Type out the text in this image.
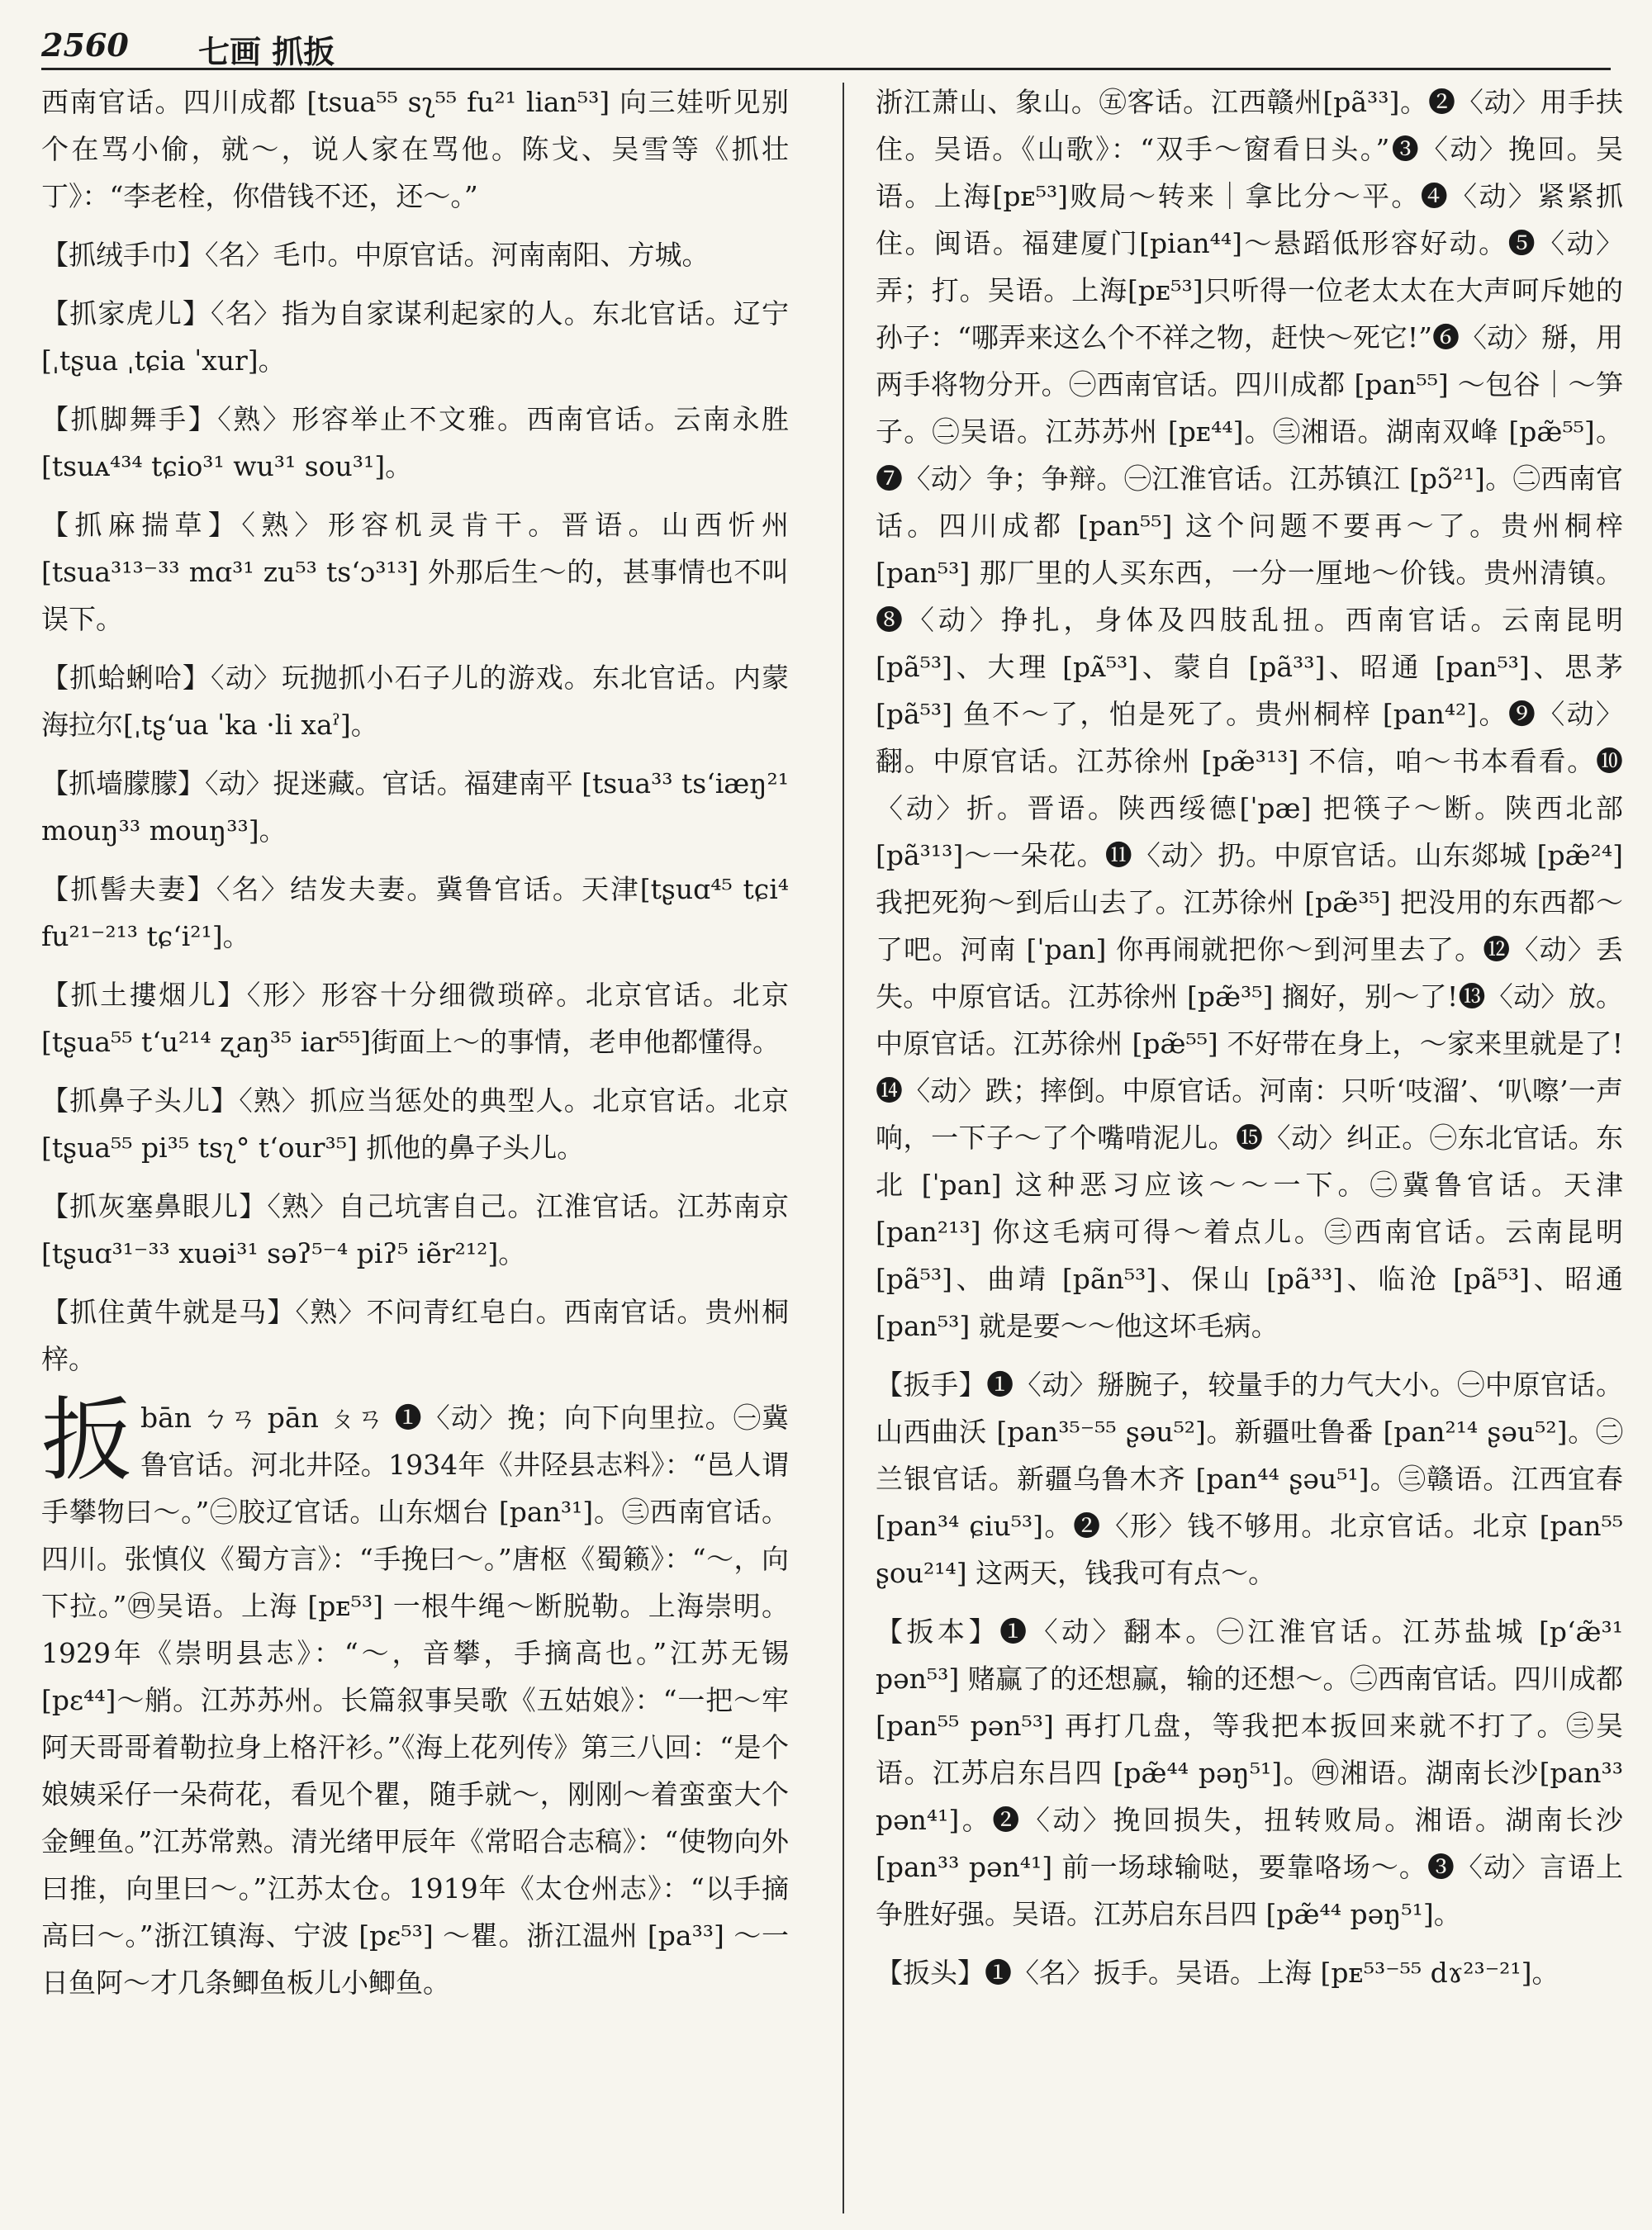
2560 七画 抓扳

西南官话。四川成都 [tsua⁵⁵ sʅ⁵⁵ fu²¹ lian⁵³] 向三娃听见别个在骂小偷，就～，说人家在骂他。陈戈、吴雪等《抓壮丁》：“李老栓，你借钱不还，还～。”

【抓绒手巾】〈名〉毛巾。中原官话。河南南阳、方城。

【抓家虎儿】〈名〉指为自家谋利起家的人。东北官话。辽宁 [ˌtʂua ˌtɕia ˈxur]。

【抓脚舞手】〈熟〉形容举止不文雅。西南官话。云南永胜 [tsuᴀ⁴³⁴ tɕio³¹ wu³¹ sou³¹]。

【抓麻揣草】〈熟〉形容机灵肯干。晋语。山西忻州 [tsua³¹³⁻³³ mɑ³¹ zu⁵³ tsʻɔ³¹³] 外那后生～的，甚事情也不叫误下。

【抓蛤蜊哈】〈动〉玩抛抓小石子儿的游戏。东北官话。内蒙海拉尔[ˌtʂʻua ˈka ·li xaˀ]。

【抓墙朦朦】〈动〉捉迷藏。官话。福建南平 [tsua³³ tsʻiæŋ²¹ mouŋ³³ mouŋ³³]。

【抓髻夫妻】〈名〉结发夫妻。冀鲁官话。天津[tʂuɑ⁴⁵ tɕi⁴ fu²¹⁻²¹³ tɕʻi²¹]。

【抓土摟烟儿】〈形〉形容十分细微琐碎。北京官话。北京 [tʂua⁵⁵ tʻu²¹⁴ ʐaŋ³⁵ iar⁵⁵]街面上～的事情，老申他都懂得。

【抓鼻子头儿】〈熟〉抓应当惩处的典型人。北京官话。北京 [tʂua⁵⁵ pi³⁵ tsʅ° tʻour³⁵] 抓他的鼻子头儿。

【抓灰塞鼻眼儿】〈熟〉自己坑害自己。江淮官话。江苏南京 [tʂuɑ³¹⁻³³ xuəi³¹ səʔ⁵⁻⁴ piʔ⁵ iẽr²¹²]。

【抓住黄牛就是马】〈熟〉不问青红皂白。西南官话。贵州桐梓。

扳 bān ㄅㄢ pān ㄆㄢ ❶〈动〉挽；向下向里拉。㊀冀鲁官话。河北井陉。1934年《井陉县志料》：“邑人谓手攀物曰～。”㊁胶辽官话。山东烟台 [pan³¹]。㊂西南官话。四川。张慎仪《蜀方言》：“手挽曰～。”唐枢《蜀籁》：“～，向下拉。”㊃吴语。上海 [pᴇ⁵³] 一根牛绳～断脱勒。上海崇明。1929年《崇明县志》：“～，音攀，手摘高也。”江苏无锡 [pɛ⁴⁴]～艄。江苏苏州。长篇叙事吴歌《五姑娘》：“一把～牢阿天哥哥着勒拉身上格汗衫。”《海上花列传》第三八回：“是个娘姨采仔一朵荷花，看见个瞿，随手就～，刚刚～着蛮蛮大个金鲤鱼。”江苏常熟。清光绪甲辰年《常昭合志稿》：“使物向外曰推，向里曰～。”江苏太仓。1919年《太仓州志》：“以手摘高曰～。”浙江镇海、宁波 [pɛ⁵³] ～瞿。浙江温州 [pa³³] ～一日鱼阿～才几条鲫鱼板儿小鲫鱼。

浙江萧山、象山。㊄客话。江西赣州[pã³³]。❷〈动〉用手扶住。吴语。《山歌》：“双手～窗看日头。”❸〈动〉挽回。吴语。上海[pᴇ⁵³]败局～转来｜拿比分～平。❹〈动〉紧紧抓住。闽语。福建厦门[pian⁴⁴]～悬蹈低形容好动。❺〈动〉弄；打。吴语。上海[pᴇ⁵³]只听得一位老太太在大声呵斥她的孙子：“哪弄来这么个不祥之物，赶快～死它!”❻〈动〉掰，用两手将物分开。㊀西南官话。四川成都 [pan⁵⁵] ～包谷｜～笋子。㊁吴语。江苏苏州 [pᴇ⁴⁴]。㊂湘语。湖南双峰 [pæ̃⁵⁵]。❼〈动〉争；争辩。㊀江淮官话。江苏镇江 [pɔ̃²¹]。㊁西南官话。四川成都 [pan⁵⁵] 这个问题不要再～了。贵州桐梓 [pan⁵³] 那厂里的人买东西，一分一厘地～价钱。贵州清镇。❽〈动〉挣扎，身体及四肢乱扭。西南官话。云南昆明 [pã⁵³]、大理 [pᴀ̃⁵³]、蒙自 [pã³³]、昭通 [pan⁵³]、思茅[pã⁵³] 鱼不～了，怕是死了。贵州桐梓 [pan⁴²]。❾〈动〉翻。中原官话。江苏徐州 [pæ̃³¹³] 不信，咱～书本看看。❿〈动〉折。晋语。陕西绥德[ˈpæ] 把筷子～断。陕西北部 [pã³¹³]～一朵花。⓫〈动〉扔。中原官话。山东郯城 [pæ̃²⁴] 我把死狗～到后山去了。江苏徐州 [pæ̃³⁵] 把没用的东西都～了吧。河南 [ˈpan] 你再闹就把你～到河里去了。⓬〈动〉丢失。中原官话。江苏徐州 [pæ̃³⁵] 搁好，别～了!⓭〈动〉放。中原官话。江苏徐州 [pæ̃⁵⁵] 不好带在身上，～家来里就是了!⓮〈动〉跌；摔倒。中原官话。河南：只听‘吱溜’、‘叭嚓’一声响，一下子～了个嘴啃泥儿。⓯〈动〉纠正。㊀东北官话。东北 [ˈpan] 这种恶习应该～～一下。㊁冀鲁官话。天津 [pan²¹³] 你这毛病可得～着点儿。㊂西南官话。云南昆明 [pã⁵³]、曲靖 [pãn⁵³]、保山 [pã³³]、临沧 [pã⁵³]、昭通[pan⁵³] 就是要～～他这坏毛病。

【扳手】❶〈动〉掰腕子，较量手的力气大小。㊀中原官话。山西曲沃 [pan³⁵⁻⁵⁵ ʂəu⁵²]。新疆吐鲁番 [pan²¹⁴ ʂəu⁵²]。㊁兰银官话。新疆乌鲁木齐 [pan⁴⁴ ʂəu⁵¹]。㊂赣语。江西宜春 [pan³⁴ ɕiu⁵³]。❷〈形〉钱不够用。北京官话。北京 [pan⁵⁵ ʂou²¹⁴] 这两天，钱我可有点～。

【扳本】❶〈动〉翻本。㊀江淮官话。江苏盐城 [pʻæ̃³¹ pən⁵³] 赌赢了的还想赢，输的还想～。㊁西南官话。四川成都 [pan⁵⁵ pən⁵³] 再打几盘，等我把本扳回来就不打了。㊂吴语。江苏启东吕四 [pæ̃⁴⁴ pəŋ⁵¹]。㊃湘语。湖南长沙[pan³³ pən⁴¹]。❷〈动〉挽回损失，扭转败局。湘语。湖南长沙 [pan³³ pən⁴¹] 前一场球输哒，要靠咯场～。❸〈动〉言语上争胜好强。吴语。江苏启东吕四 [pæ̃⁴⁴ pəŋ⁵¹]。

【扳头】❶〈名〉扳手。吴语。上海 [pᴇ⁵³⁻⁵⁵ dɤ²³⁻²¹]。
